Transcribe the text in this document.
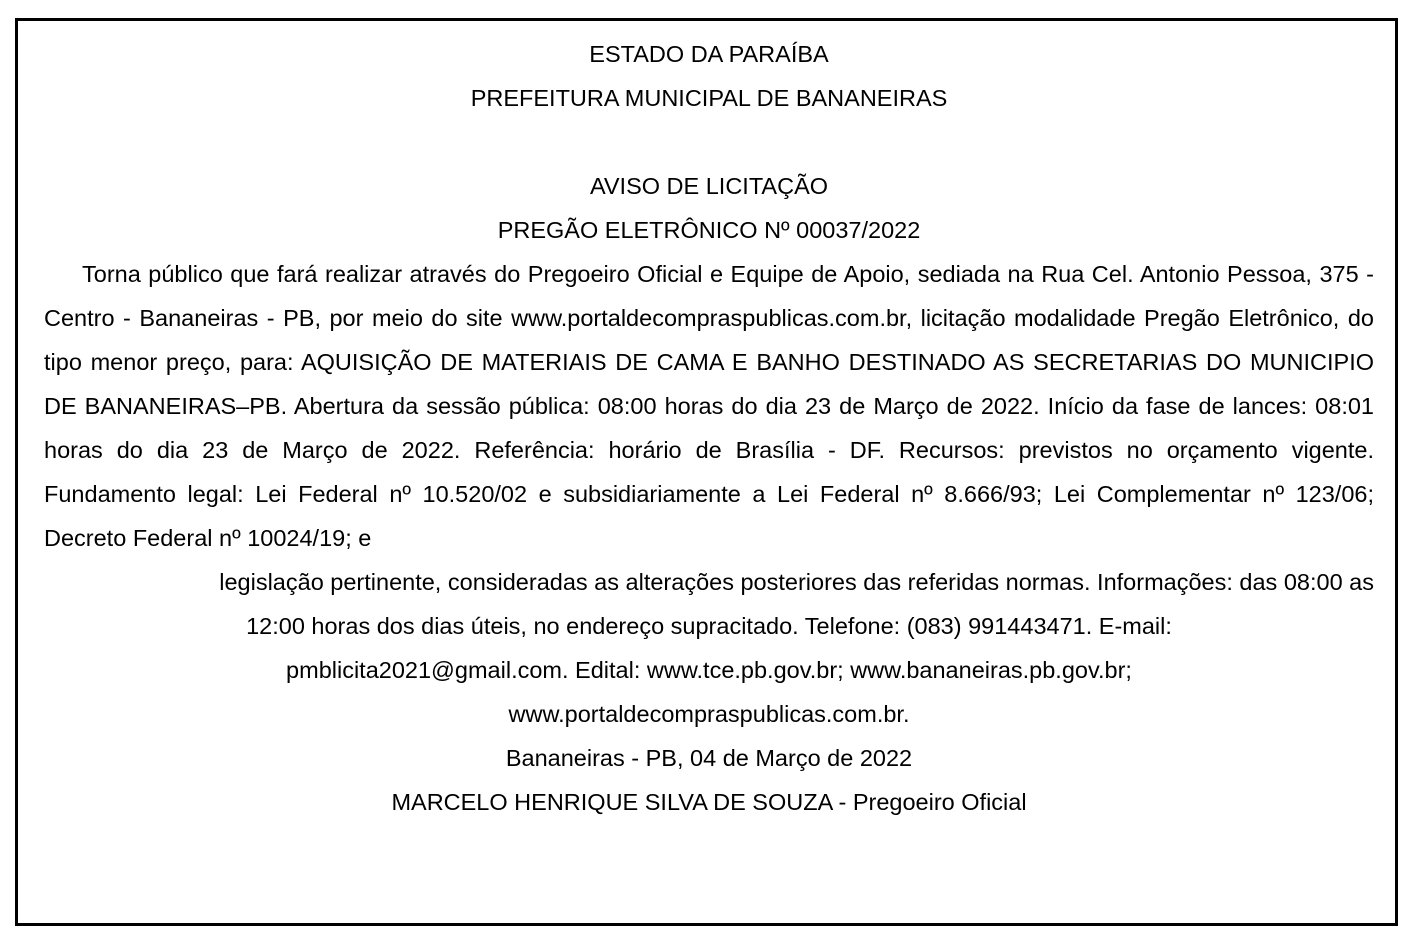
ESTADO DA PARAÍBA

PREFEITURA MUNICIPAL DE BANANEIRAS

AVISO DE LICITAÇÃO

PREGÃO ELETRÔNICO Nº 00037/2022

Torna público que fará realizar através do Pregoeiro Oficial e Equipe de Apoio, sediada na Rua Cel. Antonio Pessoa, 375 - Centro - Bananeiras - PB, por meio do site www.portaldecompraspublicas.com.br, licitação modalidade Pregão Eletrônico, do tipo menor preço, para: AQUISIÇÃO DE MATERIAIS DE CAMA E BANHO DESTINADO AS SECRETARIAS DO MUNICIPIO DE BANANEIRAS–PB. Abertura da sessão pública: 08:00 horas do dia 23 de Março de 2022. Início da fase de lances: 08:01 horas do dia 23 de Março de 2022. Referência: horário de Brasília - DF. Recursos: previstos no orçamento vigente. Fundamento legal: Lei Federal nº 10.520/02 e subsidiariamente a Lei Federal nº 8.666/93; Lei Complementar nº 123/06; Decreto Federal nº 10024/19; e

legislação pertinente, consideradas as alterações posteriores das referidas normas. Informações: das 08:00 as

12:00 horas dos dias úteis, no endereço supracitado. Telefone: (083) 991443471. E-mail:

pmblicita2021@gmail.com. Edital: www.tce.pb.gov.br; www.bananeiras.pb.gov.br;

www.portaldecompraspublicas.com.br.

Bananeiras - PB, 04 de Março de 2022

MARCELO HENRIQUE SILVA DE SOUZA - Pregoeiro Oficial
